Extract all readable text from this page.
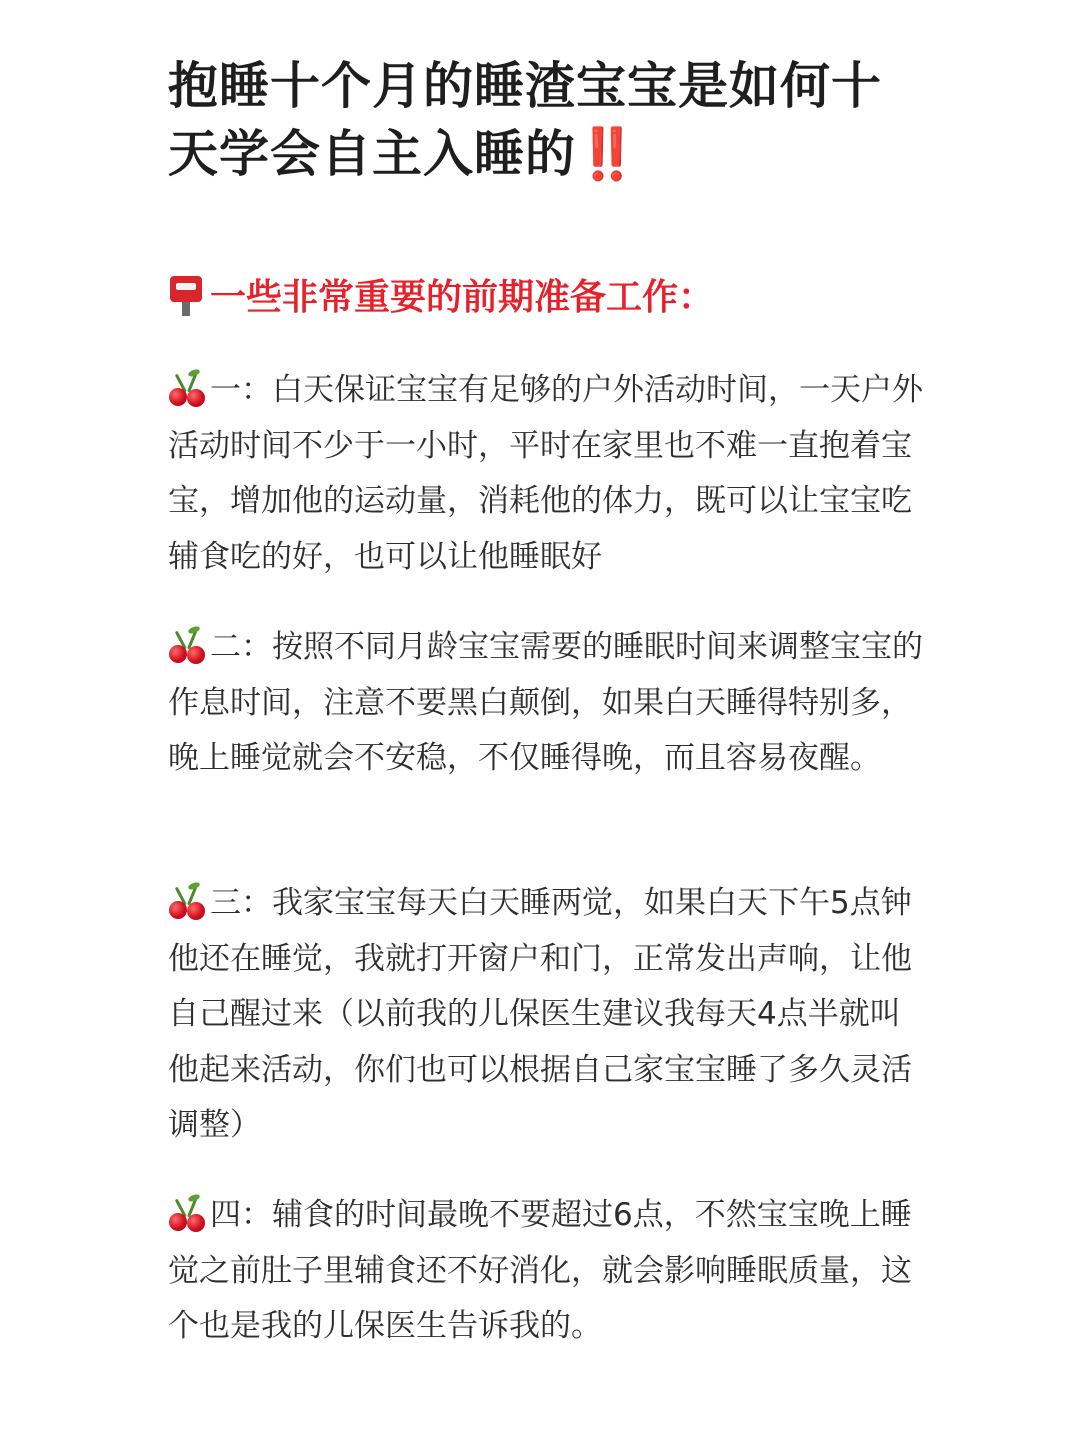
抱睡十个月的睡渣宝宝是如何十天学会自主入睡的‼️
一些非常重要的前期准备工作：

一：白天保证宝宝有足够的户外活动时间，一天户外活动时间不少于一小时，平时在家里也不难一直抱着宝宝，增加他的运动量，消耗他的体力，既可以让宝宝吃辅食吃的好，也可以让他睡眠好

二：按照不同月龄宝宝需要的睡眠时间来调整宝宝的作息时间，注意不要黑白颠倒，如果白天睡得特别多，晚上睡觉就会不安稳，不仅睡得晚，而且容易夜醒。

三：我家宝宝每天白天睡两觉，如果白天下午5点钟他还在睡觉，我就打开窗户和门，正常发出声响，让他自己醒过来（以前我的儿保医生建议我每天4点半就叫他起来活动，你们也可以根据自己家宝宝睡了多久灵活调整）

四：辅食的时间最晚不要超过6点，不然宝宝晚上睡觉之前肚子里辅食还不好消化，就会影响睡眠质量，这个也是我的儿保医生告诉我的。
